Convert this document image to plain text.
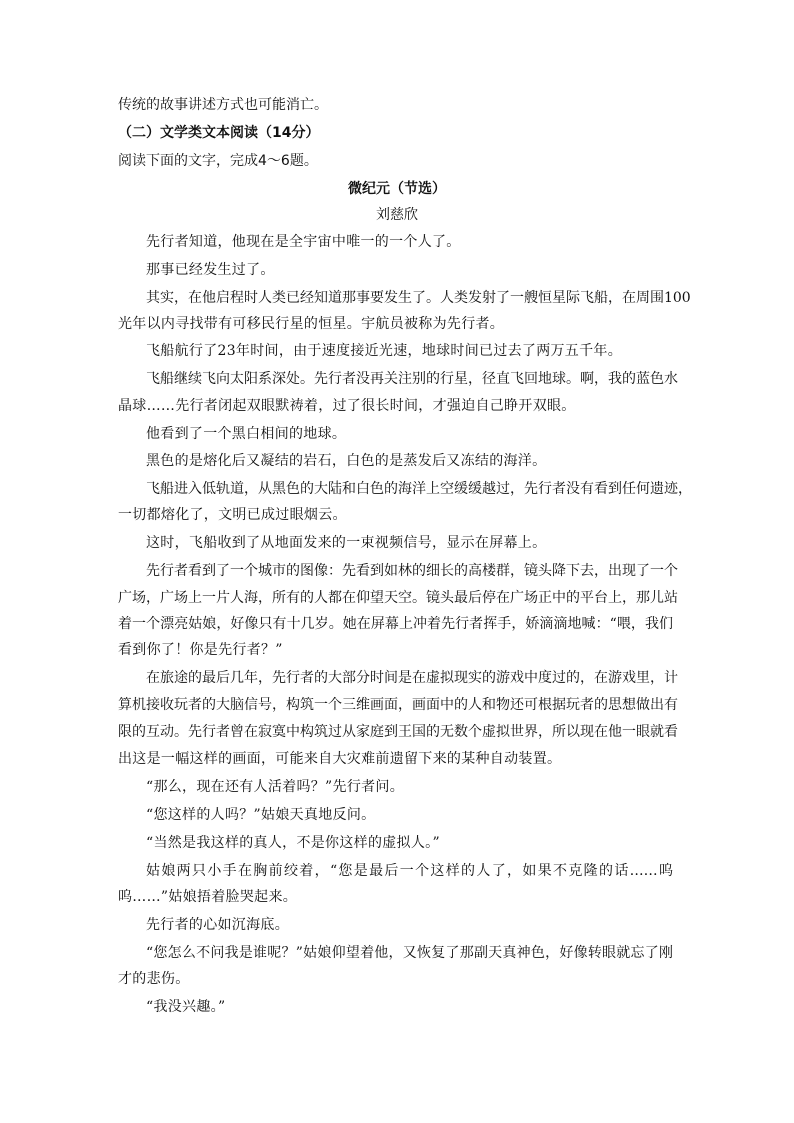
传统的故事讲述方式也可能消亡。

（二）文学类文本阅读（14分）

阅读下面的文字，完成4～6题。

微纪元（节选）

刘慈欣

先行者知道，他现在是全宇宙中唯一的一个人了。

那事已经发生过了。

其实，在他启程时人类已经知道那事要发生了。人类发射了一艘恒星际飞船，在周围100

光年以内寻找带有可移民行星的恒星。宇航员被称为先行者。

飞船航行了23年时间，由于速度接近光速，地球时间已过去了两万五千年。

飞船继续飞向太阳系深处。先行者没再关注别的行星，径直飞回地球。啊，我的蓝色水

晶球……先行者闭起双眼默祷着，过了很长时间，才强迫自己睁开双眼。

他看到了一个黑白相间的地球。

黑色的是熔化后又凝结的岩石，白色的是蒸发后又冻结的海洋。

飞船进入低轨道，从黑色的大陆和白色的海洋上空缓缓越过，先行者没有看到任何遗迹，

一切都熔化了，文明已成过眼烟云。

这时，飞船收到了从地面发来的一束视频信号，显示在屏幕上。

先行者看到了一个城市的图像：先看到如林的细长的高楼群，镜头降下去，出现了一个

广场，广场上一片人海，所有的人都在仰望天空。镜头最后停在广场正中的平台上，那儿站

着一个漂亮姑娘，好像只有十几岁。她在屏幕上冲着先行者挥手，娇滴滴地喊：“喂，我们

看到你了！你是先行者？”

在旅途的最后几年，先行者的大部分时间是在虚拟现实的游戏中度过的，在游戏里，计

算机接收玩者的大脑信号，构筑一个三维画面，画面中的人和物还可根据玩者的思想做出有

限的互动。先行者曾在寂寞中构筑过从家庭到王国的无数个虚拟世界，所以现在他一眼就看

出这是一幅这样的画面，可能来自大灾难前遗留下来的某种自动装置。

“那么，现在还有人活着吗？”先行者问。

“您这样的人吗？”姑娘天真地反问。

“当然是我这样的真人，不是你这样的虚拟人。”

姑娘两只小手在胸前绞着，“您是最后一个这样的人了，如果不克隆的话……呜

呜……”姑娘捂着脸哭起来。

先行者的心如沉海底。

“您怎么不问我是谁呢？”姑娘仰望着他，又恢复了那副天真神色，好像转眼就忘了刚

才的悲伤。

“我没兴趣。”
